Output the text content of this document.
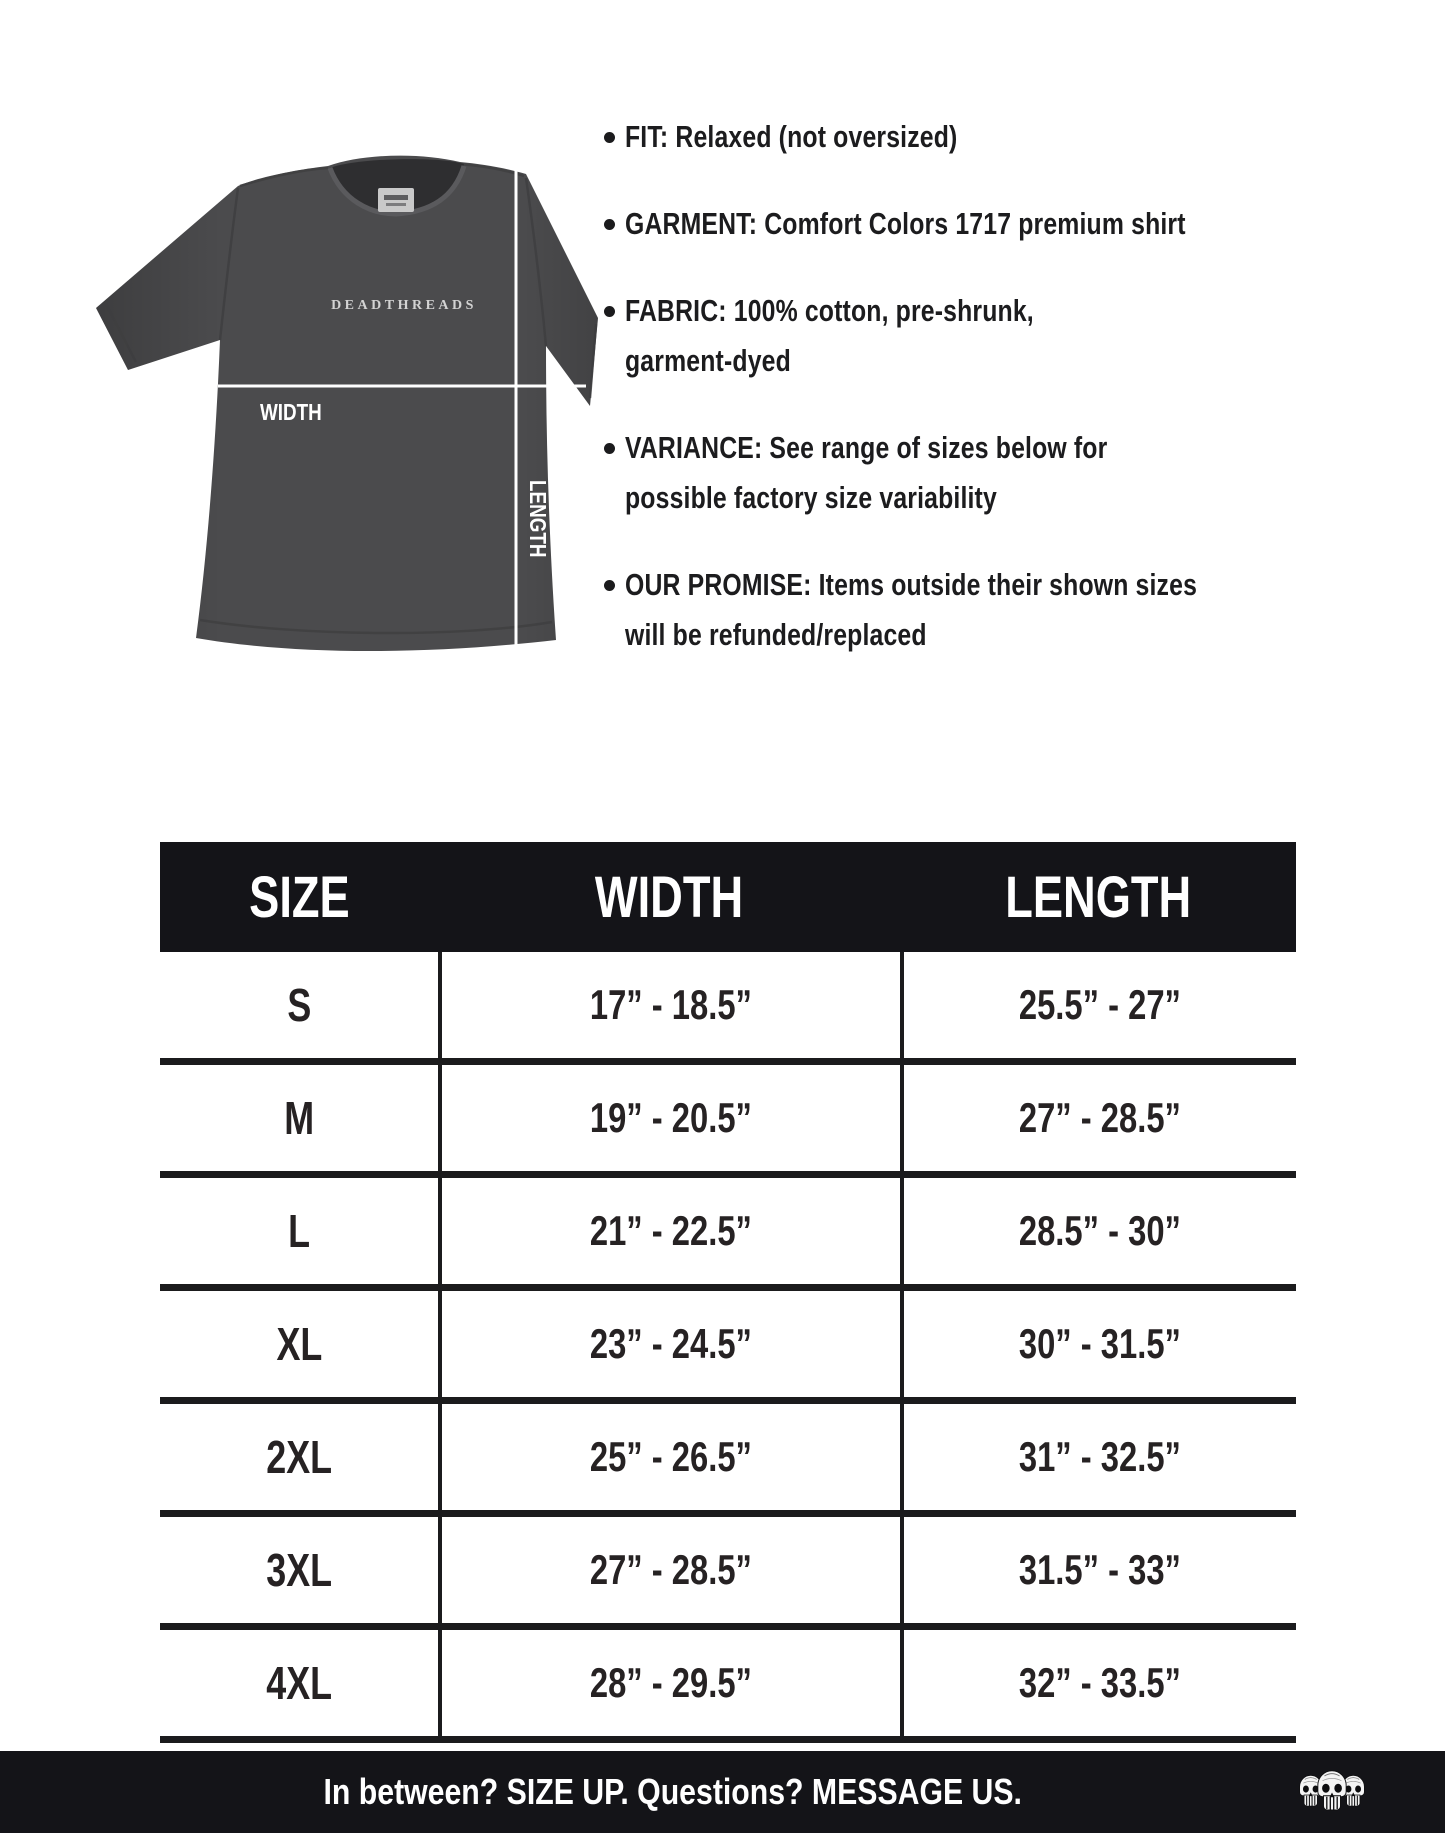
DEADTHREADS
WIDTH
LENGTH
FIT: Relaxed (not oversized)
GARMENT: Comfort Colors 1717 premium shirt
FABRIC: 100% cotton, pre-shrunk, garment-dyed
VARIANCE: See range of sizes below for possible factory size variability
OUR PROMISE: Items outside their shown sizes will be refunded/replaced
SIZE	WIDTH	LENGTH
S	17” - 18.5”	25.5” - 27”
M	19” - 20.5”	27” - 28.5”
L	21” - 22.5”	28.5” - 30”
XL	23” - 24.5”	30” - 31.5”
2XL	25” - 26.5”	31” - 32.5”
3XL	27” - 28.5”	31.5” - 33”
4XL	28” - 29.5”	32” - 33.5”
In between? SIZE UP. Questions? MESSAGE US.
